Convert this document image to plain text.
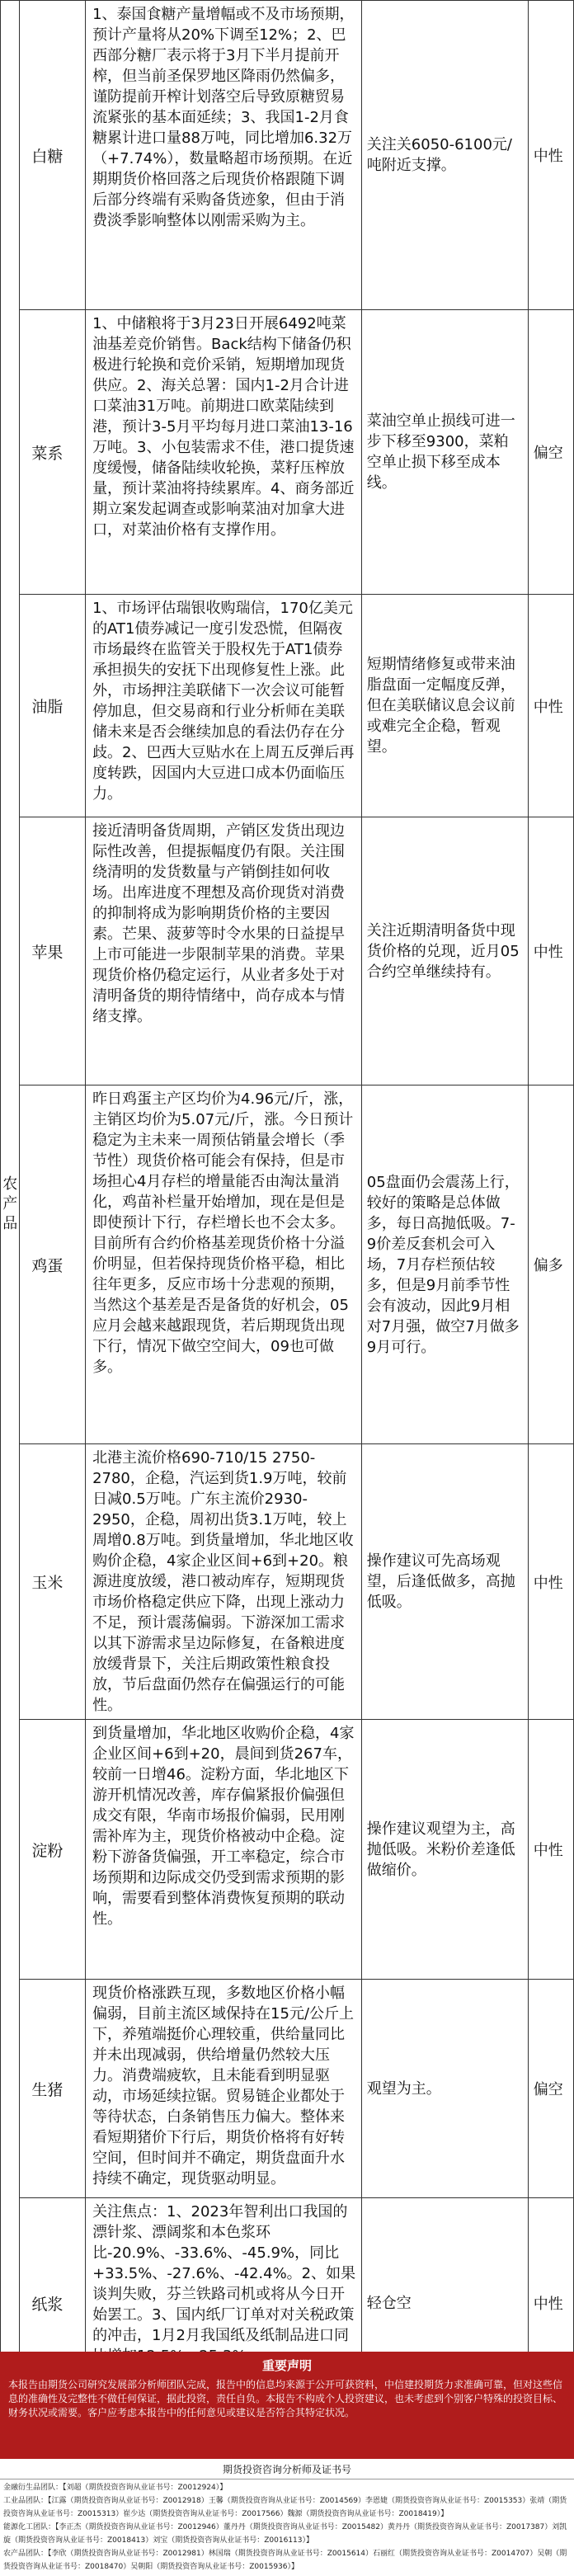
农产品	白糖	1、泰国食糖产量增幅或不及市场预期，预计产量将从20%下调至12%；2、巴西部分糖厂表示将于3月下半月提前开榨，但当前圣保罗地区降雨仍然偏多，谨防提前开榨计划落空后导致原糖贸易流紧张的基本面延续；3、我国1-2月食糖累计进口量88万吨，同比增加6.32万（+7.74%），数量略超市场预期。在近期期货价格回落之后现货价格跟随下调后部分终端有采购备货迹象，但由于消费淡季影响整体以刚需采购为主。	关注关6050-6100元/吨附近支撑。	中性
	菜系	1、中储粮将于3月23日开展6492吨菜油基差竞价销售。Back结构下储备仍积极进行轮换和竞价采销，短期增加现货供应。2、海关总署：国内1-2月合计进口菜油31万吨。前期进口欧菜陆续到港，预计3-5月平均每月进口菜油13-16万吨。3、小包装需求不佳，港口提货速度缓慢，储备陆续收轮换，菜籽压榨放量，预计菜油将持续累库。4、商务部近期立案发起调查或影响菜油对加拿大进口，对菜油价格有支撑作用。	菜油空单止损线可进一步下移至9300，菜粕空单止损下移至成本线。	偏空
	油脂	1、市场评估瑞银收购瑞信，170亿美元的AT1债券减记一度引发恐慌，但隔夜市场最终在监管关于股权先于AT1债券承担损失的安抚下出现修复性上涨。此外，市场押注美联储下一次会议可能暂停加息，但交易商和行业分析师在美联储未来是否会继续加息的看法仍存在分歧。2、巴西大豆贴水在上周五反弹后再度转跌，因国内大豆进口成本仍面临压力。	短期情绪修复或带来油脂盘面一定幅度反弹，但在美联储议息会议前或难完全企稳，暂观望。	中性
	苹果	接近清明备货周期，产销区发货出现边际性改善，但提振幅度仍有限。关注围绕清明的发货数量与产销倒挂如何收场。出库进度不理想及高价现货对消费的抑制将成为影响期货价格的主要因素。芒果、菠萝等时令水果的日益提早上市可能进一步限制苹果的消费。苹果现货价格仍稳定运行，从业者多处于对清明备货的期待情绪中，尚存成本与情绪支撑。	关注近期清明备货中现货价格的兑现，近月05合约空单继续持有。	中性
	鸡蛋	昨日鸡蛋主产区均价为4.96元/斤，涨，主销区均价为5.07元/斤，涨。今日预计稳定为主未来一周预估销量会增长（季节性）现货价格可能会有保持，但是市场担心4月存栏的增量能否由淘汰量消化，鸡苗补栏量开始增加，现在是但是即使预计下行，存栏增长也不会太多。目前所有合约价格基差现货价格十分溢价明显，但若保持现货价格平稳，相比往年更多，反应市场十分悲观的预期，当然这个基差是否是备货的好机会，05应月会越来越跟现货，若后期现货出现下行，情况下做空空间大，09也可做多。	05盘面仍会震荡上行，较好的策略是总体做多，每日高抛低吸。7-9价差反套机会可入场，7月存栏预估较多，但是9月前季节性会有波动，因此9月相对7月强，做空7月做多9月可行。	偏多
	玉米	北港主流价格690-710/15 2750-2780，企稳，汽运到货1.9万吨，较前日减0.5万吨。广东主流价2930-2950，企稳，周初出货3.1万吨，较上周增0.8万吨。到货量增加，华北地区收购价企稳，4家企业区间+6到+20。粮源进度放缓，港口被动库存，短期现货市场价格稳定供应下降，出现上涨动力不足，预计震荡偏弱。下游深加工需求以其下游需求呈边际修复，在备粮进度放缓背景下，关注后期政策性粮食投放，节后盘面仍然存在偏强运行的可能性。	操作建议可先高场观望，后逢低做多，高抛低吸。	中性
	淀粉	到货量增加，华北地区收购价企稳，4家企业区间+6到+20，晨间到货267车，较前一日增46。淀粉方面，华北地区下游开机情况改善，库存偏紧报价偏强但成交有限，华南市场报价偏弱，民用刚需补库为主，现货价格被动中企稳。淀粉下游备货偏强，开工率稳定，综合市场预期和边际成交仍受到需求预期的影响，需要看到整体消费恢复预期的联动性。	操作建议观望为主，高抛低吸。米粉价差逢低做缩价。	中性
	生猪	现货价格涨跌互现，多数地区价格小幅偏弱，目前主流区域保持在15元/公斤上下，养殖端挺价心理较重，供给量同比并未出现减弱，供给增量仍然较大压力。消费端疲软，且未能看到明显驱动，市场延续拉锯。贸易链企业都处于等待状态，白条销售压力偏大。整体来看短期猪价下行后，期货价格将有好转空间，但时间并不确定，期货盘面升水持续不确定，现货驱动明显。	观望为主。	偏空
	纸浆	关注焦点：1、2023年智利出口我国的漂针浆、漂阔浆和本色浆环比-20.9%、-33.6%、-45.9%，同比+33.5%、-27.6%、-42.4%。2、如果谈判失败，芬兰铁路司机或将从今日开始罢工。3、国内纸厂订单对对关税政策的冲击，1月2月我国纸及纸制品进口同	轻仓空	中性

重要声明

本报告由期货公司研究发展部分析师团队完成，报告中的信息均来源于公开可获资料，中信建投期货力求准确可靠，但对这些信息的准确性及完整性不做任何保证，据此投资，责任自负。本报告不构成个人投资建议，也未考虑到个别客户特殊的投资目标、财务状况或需要。客户应考虑本报告中的任何意见或建议是否符合其特定状况。

期货投资咨询分析师及证书号

金融衍生品团队：【刘超（期货投资咨询从业证书号：Z0012924）】

工业品团队：【江露（期货投资咨询从业证书号：Z0012918）王馨（期货投资咨询从业证书号：Z0014569）李恩婕（期货投资咨询从业证书号：Z0015353）张靖（期货投资咨询从业证书号：Z0015313）崔少达（期货投资咨询从业证书号：Z0017566）魏源（期货投资咨询从业证书号：Z0018419）】

能源化工团队：【李正杰（期货投资咨询从业证书号：Z0012946）董丹丹（期货投资咨询从业证书号：Z0015482）黄丹丹（期货投资咨询从业证书号：Z0017387）刘凯旋（期货投资咨询从业证书号：Z0018413）刘宝（期货投资咨询从业证书号：Z0016113）】

农产品团队：【李欣（期货投资咨询从业证书号：Z0012981）林国瑞（期货投资咨询从业证书号：Z0015614）石丽红（期货投资咨询从业证书号：Z0014707）吴朝（期货投资咨询从业证书号：Z0018470）吴朝阳（期货投资咨询从业证书号：Z0015936）】
